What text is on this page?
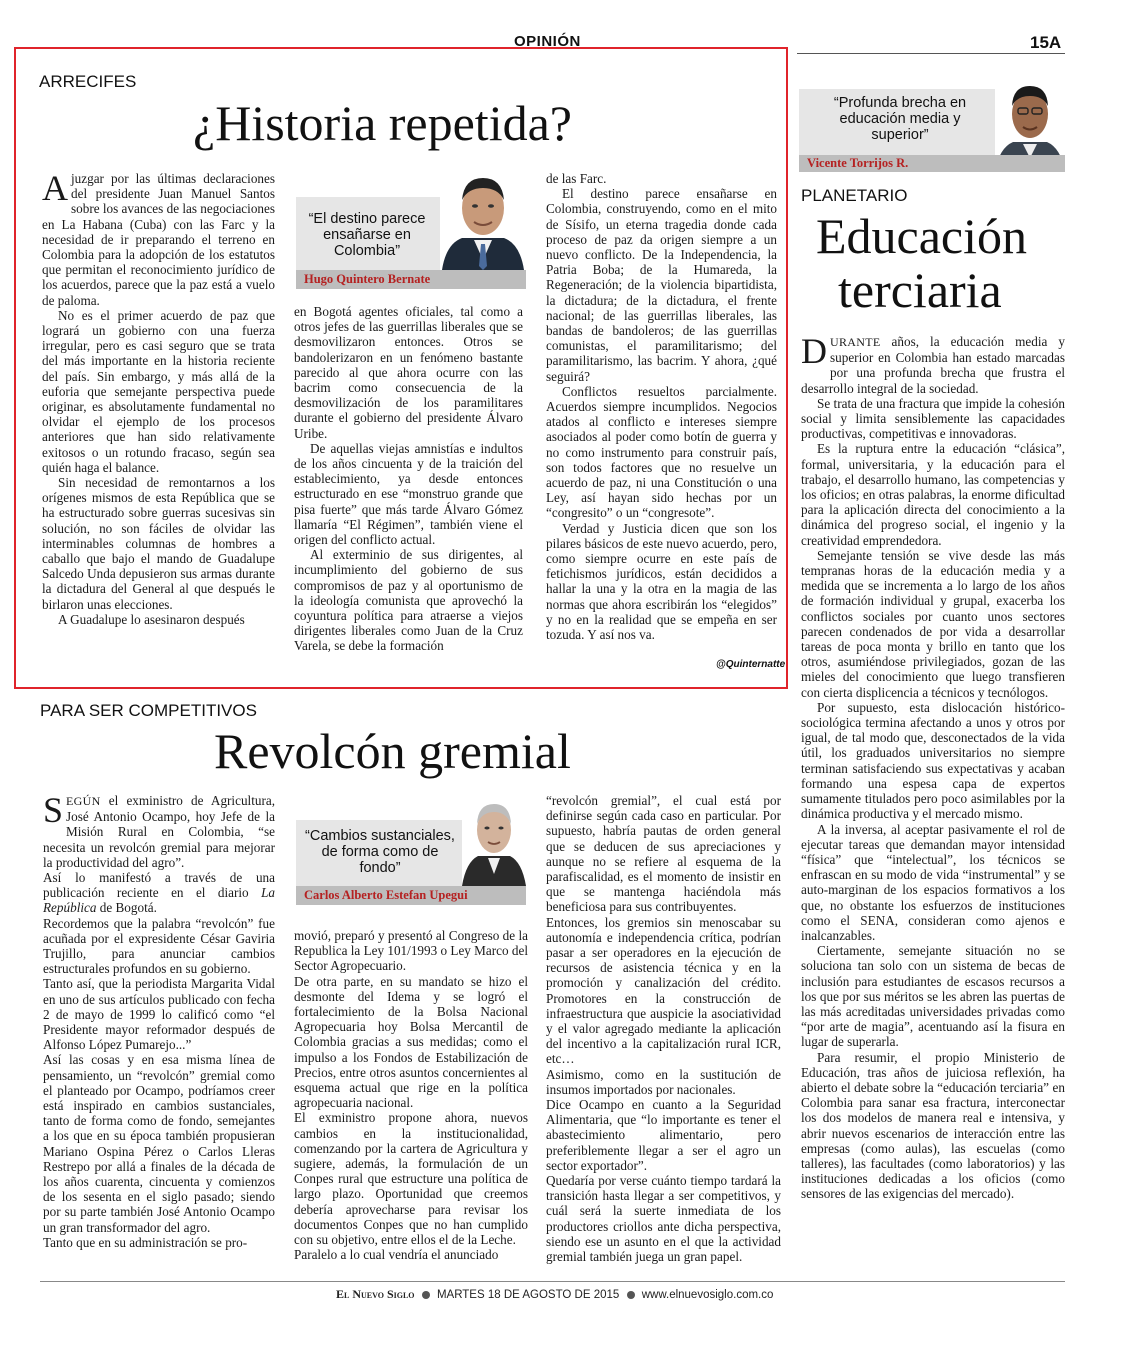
OPINIÓN	15A
ARRECIFES
¿Historia repetida?

Ajuzgar por las últimas declaraciones del presidente Juan Manuel Santos sobre los avances de las negociaciones en La Habana (Cuba) con las Farc y la necesidad de ir preparando el terreno en Colombia para la adopción de los estatutos que permitan el reconocimiento jurídico de los acuerdos, parece que la paz está a vuelo de paloma.

No es el primer acuerdo de paz que logrará un gobierno con una fuerza irregular, pero es casi seguro que se trata del más importante en la historia reciente del país. Sin embargo, y más allá de la euforia que semejante perspectiva puede originar, es absolutamente fundamental no olvidar el ejemplo de los procesos anteriores que han sido relativamente exitosos o un rotundo fracaso, según sea quién haga el balance.

Sin necesidad de remontarnos a los orígenes mismos de esta República que se ha estructurado sobre guerras sucesivas sin solución, no son fáciles de olvidar las interminables columnas de hombres a caballo que bajo el mando de Guadalupe Salcedo Unda depusieron sus armas durante la dictadura del General al que después le birlaron unas elecciones.

A Guadalupe lo asesinaron después

“El destino parece ensañarse en Colombia”
Hugo Quintero Bernate

en Bogotá agentes oficiales, tal como a otros jefes de las guerrillas liberales que se desmovilizaron entonces. Otros se bandolerizaron en un fenómeno bastante parecido al que ahora ocurre con las bacrim como consecuencia de la desmovilización de los paramilitares durante el gobierno del presidente Álvaro Uribe.

De aquellas viejas amnistías e indultos de los años cincuenta y de la traición del establecimiento, ya desde entonces estructurado en ese “monstruo grande que pisa fuerte” que más tarde Álvaro Gómez llamaría “El Régimen”, también viene el origen del conflicto actual.

Al exterminio de sus dirigentes, al incumplimiento del gobierno de sus compromisos de paz y al oportunismo de la ideología comunista que aprovechó la coyuntura política para atraerse a viejos dirigentes liberales como Juan de la Cruz Varela, se debe la formación

de las Farc.

El destino parece ensañarse en Colombia, construyendo, como en el mito de Sísifo, un eterna tragedia donde cada proceso de paz da origen siempre a un nuevo conflicto. De la Independencia, la Patria Boba; de la Humareda, la Regeneración; de la violencia bipartidista, la dictadura; de la dictadura, el frente nacional; de las guerrillas liberales, las bandas de bandoleros; de las guerrillas comunistas, el paramilitarismo; del paramilitarismo, las bacrim. Y ahora, ¿qué seguirá?

Conflictos resueltos parcialmente. Acuerdos siempre incumplidos. Negocios atados al conflicto e intereses siempre asociados al poder como botín de guerra y no como instrumento para construir país, son todos factores que no resuelve un acuerdo de paz, ni una Constitución o una Ley, así hayan sido hechas por un “congresito” o un “congresote”.

Verdad y Justicia dicen que son los pilares básicos de este nuevo acuerdo, pero, como siempre ocurre en este país de fetichismos jurídicos, están decididos a hallar la una y la otra en la magia de las normas que ahora escribirán los “elegidos” y no en la realidad que se empeña en ser tozuda. Y así nos va.

@Quinternatte
“Profunda brecha en educación media y superior”
Vicente Torrijos R.
PLANETARIO
Educación
terciaria

DURANTE años, la educación media y superior en Colombia han estado marcadas por una profunda brecha que frustra el desarrollo integral de la sociedad.

Se trata de una fractura que impide la cohesión social y limita sensiblemente las capacidades productivas, competitivas e innovadoras.

Es la ruptura entre la educación “clásica”, formal, universitaria, y la educación para el trabajo, el desarrollo humano, las competencias y los oficios; en otras palabras, la enorme dificultad para la aplicación directa del conocimiento a la dinámica del progreso social, el ingenio y la creatividad emprendedora.

Semejante tensión se vive desde las más tempranas horas de la educación media y a medida que se incrementa a lo largo de los años de formación individual y grupal, exacerba los conflictos sociales por cuanto unos sectores parecen condenados de por vida a desarrollar tareas de poca monta y brillo en tanto que los otros, asumiéndose privilegiados, gozan de las mieles del conocimiento que luego transfieren con cierta displicencia a técnicos y tecnólogos.

Por supuesto, esta dislocación histórico-sociológica termina afectando a unos y otros por igual, de tal modo que, desconectados de la vida útil, los graduados universitarios no siempre terminan satisfaciendo sus expectativas y acaban formando una espesa capa de expertos sumamente titulados pero poco asimilables por la dinámica productiva y el mercado mismo.

A la inversa, al aceptar pasivamente el rol de ejecutar tareas que demandan mayor intensidad “física” que “intelectual”, los técnicos se enfrascan en su modo de vida “instrumental” y se auto-marginan de los espacios formativos a los que, no obstante los esfuerzos de instituciones como el SENA, consideran como ajenos e inalcanzables.

Ciertamente, semejante situación no se soluciona tan solo con un sistema de becas de inclusión para estudiantes de escasos recursos a los que por sus méritos se les abren las puertas de las más acreditadas universidades privadas como “por arte de magia”, acentuando así la fisura en lugar de superarla.

Para resumir, el propio Ministerio de Educación, tras años de juiciosa reflexión, ha abierto el debate sobre la “educación terciaria” en Colombia para sanar esa fractura, interconectar los dos modelos de manera real e intensiva, y abrir nuevos escenarios de interacción entre las empresas (como aulas), las escuelas (como talleres), las facultades (como laboratorios) y las instituciones dedicadas a los oficios (como sensores de las exigencias del mercado).

PARA SER COMPETITIVOS
Revolcón gremial

SEGÚN el exministro de Agricultura, José Antonio Ocampo, hoy Jefe de la Misión Rural en Colombia, “se necesita un revolcón gremial para mejorar la productividad del agro”.

Así lo manifestó a través de una publicación reciente en el diario La República de Bogotá.

Recordemos que la palabra “revolcón” fue acuñada por el expresidente César Gaviria Trujillo, para anunciar cambios estructurales profundos en su gobierno.

Tanto así, que la periodista Margarita Vidal en uno de sus artículos publicado con fecha 2 de mayo de 1999 lo calificó como “el Presidente mayor reformador después de Alfonso López Pumarejo...”

Así las cosas y en esa misma línea de pensamiento, un “revolcón” gremial como el planteado por Ocampo, podríamos creer está inspirado en cambios sustanciales, tanto de forma como de fondo, semejantes a los que en su época también propusieran Mariano Ospina Pérez o Carlos Lleras Restrepo por allá a finales de la década de los años cuarenta, cincuenta y comienzos de los sesenta en el siglo pasado; siendo por su parte también José Antonio Ocampo un gran transformador del agro.

Tanto que en su administración se pro-

“Cambios sustanciales, de forma como de fondo”
Carlos Alberto Estefan Upegui

movió, preparó y presentó al Congreso de la Republica la Ley 101/1993 o Ley Marco del Sector Agropecuario.

De otra parte, en su mandato se hizo el desmonte del Idema y se logró el fortalecimiento de la Bolsa Nacional Agropecuaria hoy Bolsa Mercantil de Colombia gracias a sus medidas; como el impulso a los Fondos de Estabilización de Precios, entre otros asuntos concernientes al esquema actual que rige en la política agropecuaria nacional.

El exministro propone ahora, nuevos cambios en la institucionalidad, comenzando por la cartera de Agricultura y sugiere, además, la formulación de un Conpes rural que estructure una política de largo plazo. Oportunidad que creemos debería aprovecharse para revisar los documentos Conpes que no han cumplido con su objetivo, entre ellos el de la Leche.

Paralelo a lo cual vendría el anunciado

“revolcón gremial”, el cual está por definirse según cada caso en particular. Por supuesto, habría pautas de orden general que se deducen de sus apreciaciones y aunque no se refiere al esquema de la parafiscalidad, es el momento de insistir en que se mantenga haciéndola más beneficiosa para sus contribuyentes.

Entonces, los gremios sin menoscabar su autonomía e independencia crítica, podrían pasar a ser operadores en la ejecución de recursos de asistencia técnica y en la promoción y canalización del crédito. Promotores en la construcción de infraestructura que auspicie la asociatividad y el valor agregado mediante la aplicación del incentivo a la capitalización rural ICR, etc…

Asimismo, como en la sustitución de insumos importados por nacionales.

Dice Ocampo en cuanto a la Seguridad Alimentaria, que “lo importante es tener el abastecimiento alimentario, pero preferiblemente llegar a ser el agro un sector exportador”.

Quedaría por verse cuánto tiempo tardará la transición hasta llegar a ser competitivos, y cuál será la suerte inmediata de los productores criollos ante dicha perspectiva, siendo ese un asunto en el que la actividad gremial también juega un gran papel.

El Nuevo Siglo MARTES 18 DE AGOSTO DE 2015 www.elnuevosiglo.com.co
